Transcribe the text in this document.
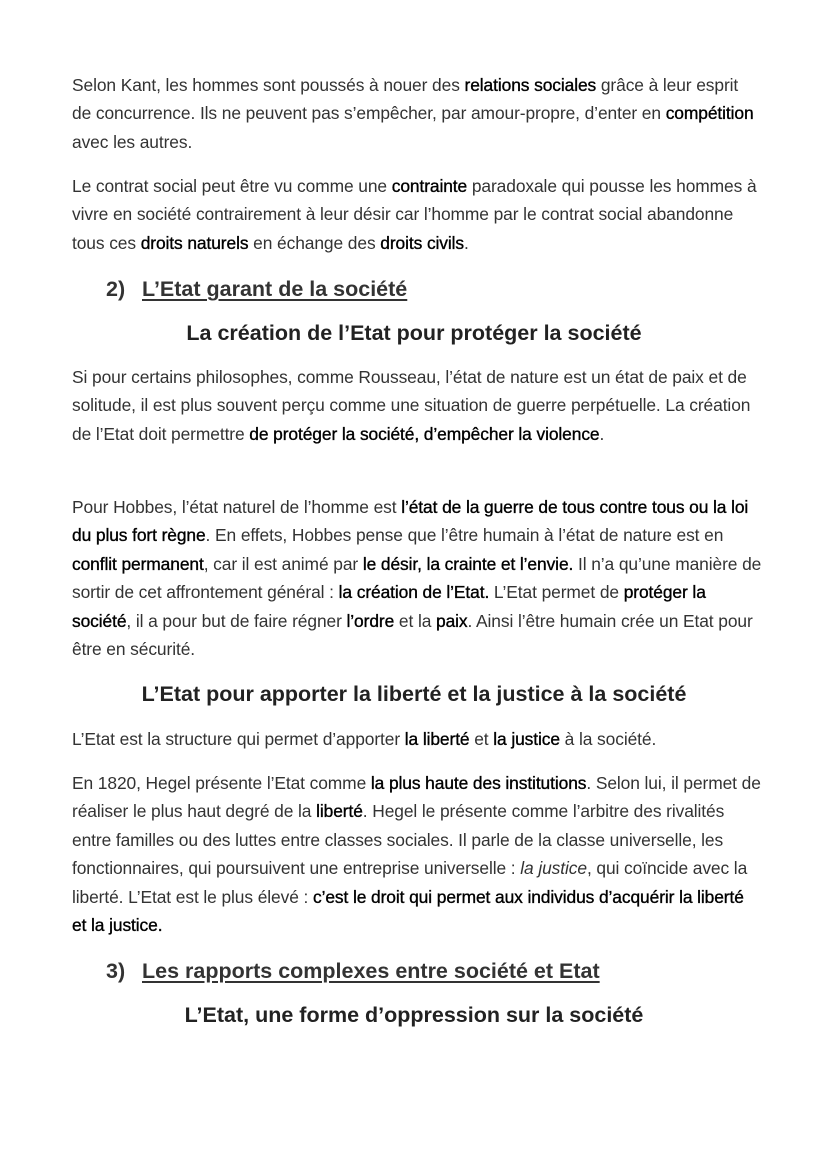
Selon Kant, les hommes sont poussés à nouer des relations sociales grâce à leur esprit de concurrence. Ils ne peuvent pas s’empêcher, par amour-propre, d’enter en compétition avec les autres.

Le contrat social peut être vu comme une contrainte paradoxale qui pousse les hommes à vivre en société contrairement à leur désir car l’homme par le contrat social abandonne tous ces droits naturels en échange des droits civils.

2) L’Etat garant de la société
La création de l’Etat pour protéger la société

Si pour certains philosophes, comme Rousseau, l’état de nature est un état de paix et de solitude, il est plus souvent perçu comme une situation de guerre perpétuelle. La création de l’Etat doit permettre de protéger la société, d’empêcher la violence.

Pour Hobbes, l’état naturel de l’homme est l’état de la guerre de tous contre tous ou la loi du plus fort règne. En effets, Hobbes pense que l’être humain à l’état de nature est en conflit permanent, car il est animé par le désir, la crainte et l’envie. Il n’a qu’une manière de sortir de cet affrontement général : la création de l’Etat. L’Etat permet de protéger la société, il a pour but de faire régner l’ordre et la paix. Ainsi l’être humain crée un Etat pour être en sécurité.

L’Etat pour apporter la liberté et la justice à la société

L’Etat est la structure qui permet d’apporter la liberté et la justice à la société.

En 1820, Hegel présente l’Etat comme la plus haute des institutions. Selon lui, il permet de réaliser le plus haut degré de la liberté. Hegel le présente comme l’arbitre des rivalités entre familles ou des luttes entre classes sociales. Il parle de la classe universelle, les fonctionnaires, qui poursuivent une entreprise universelle : la justice, qui coïncide avec la liberté. L’Etat est le plus élevé : c’est le droit qui permet aux individus d’acquérir la liberté et la justice.

3) Les rapports complexes entre société et Etat
L’Etat, une forme d’oppression sur la société
